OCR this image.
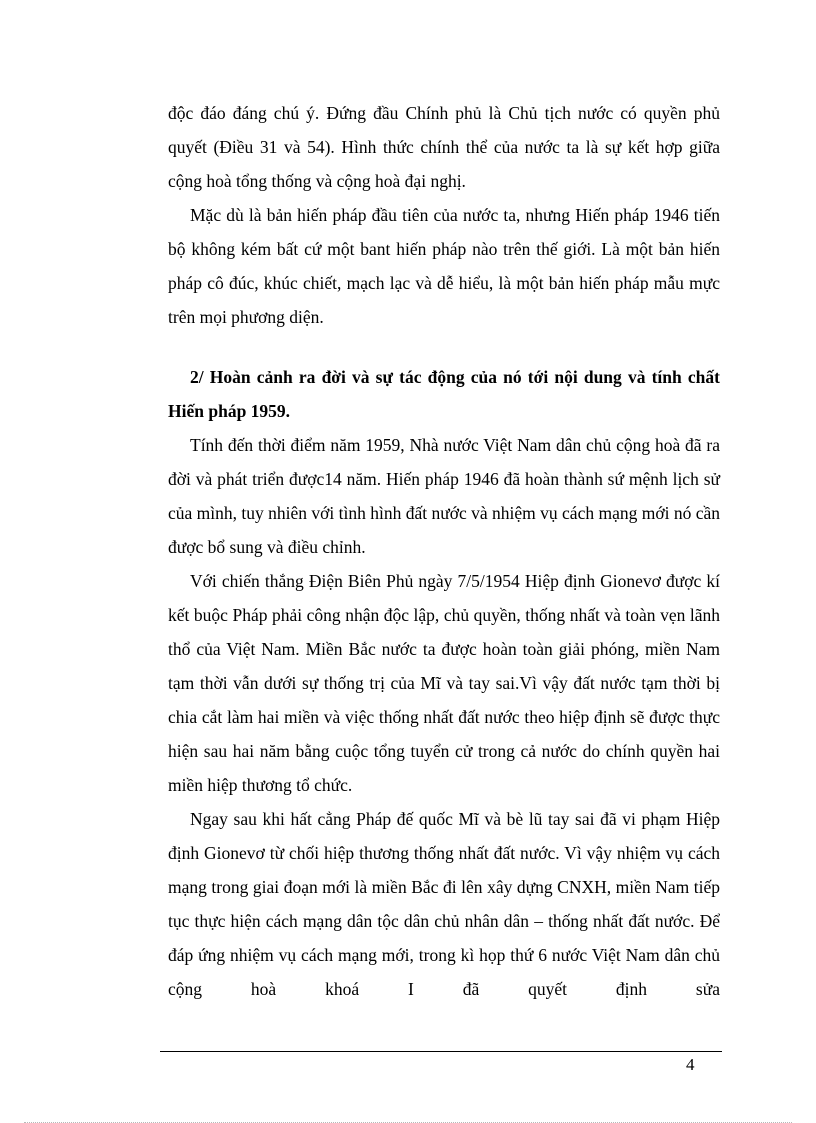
độc đáo đáng chú ý. Đứng đầu Chính phủ là Chủ tịch nước có quyền phủ quyết (Điều 31 và 54). Hình thức chính thể của nước ta là sự kết hợp giữa cộng hoà tổng thống và cộng hoà đại nghị.

Mặc dù là bản hiến pháp đầu tiên của nước ta, nhưng Hiến pháp 1946 tiến bộ không kém bất cứ một bant hiến pháp nào trên thế giới. Là một bản hiến pháp cô đúc, khúc chiết, mạch lạc và dễ hiểu, là một bản hiến pháp mẫu mực trên mọi phương diện.

2/ Hoàn cảnh ra đời và sự tác động của nó tới nội dung và tính chất Hiến pháp 1959.

Tính đến thời điểm năm 1959, Nhà nước Việt Nam dân chủ cộng hoà đã ra đời và phát triển được14 năm. Hiến pháp 1946 đã hoàn thành sứ mệnh lịch sử của mình, tuy nhiên với tình hình đất nước và nhiệm vụ cách mạng mới nó cần được bổ sung và điều chỉnh.

Với chiến thắng Điện Biên Phủ ngày 7/5/1954 Hiệp định Gionevơ được kí kết buộc Pháp phải công nhận độc lập, chủ quyền, thống nhất và toàn vẹn lãnh thổ của Việt Nam. Miền Bắc nước ta được hoàn toàn giải phóng, miền Nam tạm thời vẫn dưới sự thống trị của Mĩ và tay sai.Vì vậy đất nước tạm thời bị chia cắt làm hai miền và việc thống nhất đất nước theo hiệp định sẽ được thực hiện sau hai năm bằng cuộc tổng tuyển cử trong cả nước do chính quyền hai miền hiệp thương tổ chức.

Ngay sau khi hất cẳng Pháp đế quốc Mĩ và bè lũ tay sai đã vi phạm Hiệp định Gionevơ từ chối hiệp thương thống nhất đất nước. Vì vậy nhiệm vụ cách mạng trong giai đoạn mới là miền Bắc đi lên xây dựng CNXH, miền Nam tiếp tục thực hiện cách mạng dân tộc dân chủ nhân dân – thống nhất đất nước. Để đáp ứng nhiệm vụ cách mạng mới, trong kì họp thứ 6 nước Việt Nam dân chủ cộng hoà khoá I đã quyết định sửa

4
